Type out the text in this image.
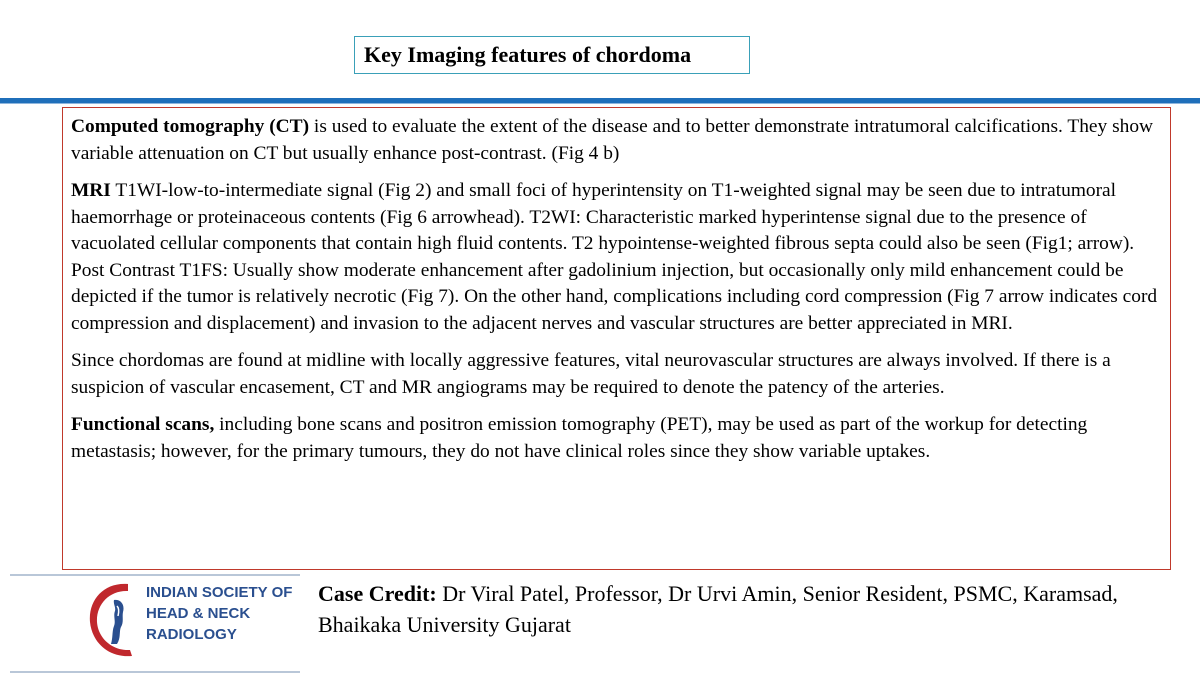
Key Imaging features of chordoma

Computed tomography (CT) is used to evaluate the extent of the disease and to better demonstrate intratumoral calcifications. They show variable attenuation on CT but usually enhance post-contrast. (Fig 4 b)

MRI T1WI-low-to-intermediate signal (Fig 2) and small foci of hyperintensity on T1-weighted signal may be seen due to intratumoral haemorrhage or proteinaceous contents (Fig 6 arrowhead). T2WI: Characteristic marked hyperintense signal due to the presence of vacuolated cellular components that contain high fluid contents. T2 hypointense-weighted fibrous septa could also be seen (Fig1; arrow). Post Contrast T1FS: Usually show moderate enhancement after gadolinium injection, but occasionally only mild enhancement could be depicted if the tumor is relatively necrotic (Fig 7). On the other hand, complications including cord compression (Fig 7 arrow indicates cord compression and displacement) and invasion to the adjacent nerves and vascular structures are better appreciated in MRI.

Since chordomas are found at midline with locally aggressive features, vital neurovascular structures are always involved. If there is a suspicion of vascular encasement, CT and MR angiograms may be required to denote the patency of the arteries.

Functional scans, including bone scans and positron emission tomography (PET), may be used as part of the workup for detecting metastasis; however, for the primary tumours, they do not have clinical roles since they show variable uptakes.

INDIAN SOCIETY OF
HEAD & NECK
RADIOLOGY
Case Credit: Dr Viral Patel, Professor, Dr Urvi Amin, Senior Resident, PSMC, Karamsad, Bhaikaka University Gujarat
